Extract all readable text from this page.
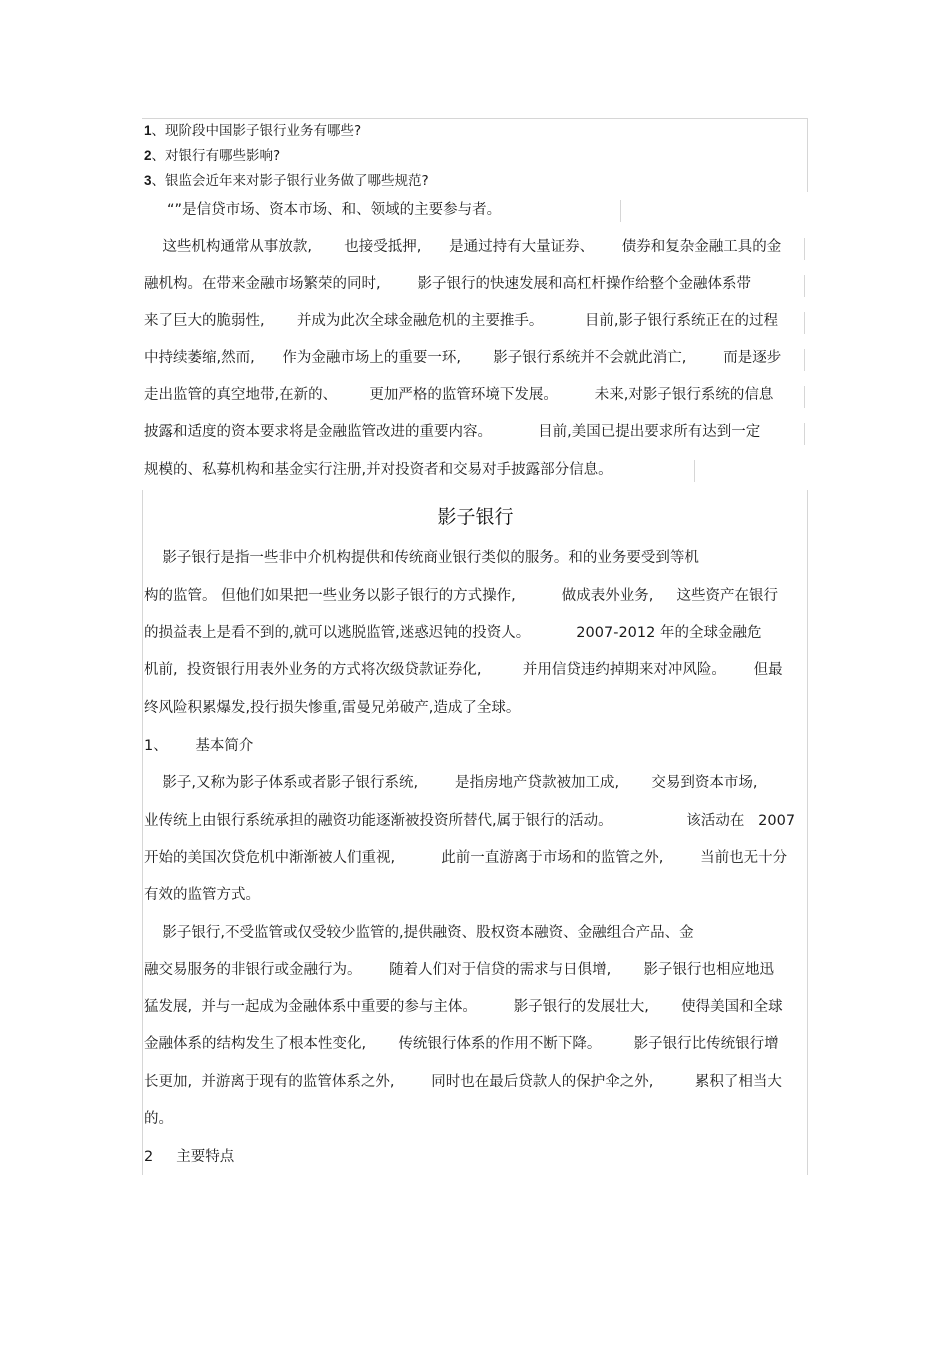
1、现阶段中国影子银行业务有哪些?
2、对银行有哪些影响?
3、银监会近年来对影子银行业务做了哪些规范?
“”是信贷市场、资本市场、和、领域的主要参与者。
这些机构通常从事放款,       也接受抵押,      是通过持有大量证券、      债券和复杂金融工具的金
融机构。在带来金融市场繁荣的同时,        影子银行的快速发展和高杠杆操作给整个金融体系带
来了巨大的脆弱性,       并成为此次全球金融危机的主要推手。         目前,影子银行系统正在的过程
中持续萎缩,然而,      作为金融市场上的重要一环,       影子银行系统并不会就此消亡,        而是逐步
走出监管的真空地带,在新的、       更加严格的监管环境下发展。        未来,对影子银行系统的信息
披露和适度的资本要求将是金融监管改进的重要内容。          目前,美国已提出要求所有达到一定
规模的、私募机构和基金实行注册,并对投资者和交易对手披露部分信息。
影子银行
影子银行是指一些非中介机构提供和传统商业银行类似的服务。和的业务要受到等机
构的监管。 但他们如果把一些业务以影子银行的方式操作,          做成表外业务,     这些资产在银行
的损益表上是看不到的,就可以逃脱监管,迷惑迟钝的投资人。          2007-2012 年的全球金融危
机前,  投资银行用表外业务的方式将次级贷款证券化,         并用信贷违约掉期来对冲风险。      但最
终风险积累爆发,投行损失惨重,雷曼兄弟破产,造成了全球。
1、      基本简介
影子,又称为影子体系或者影子银行系统,        是指房地产贷款被加工成,       交易到资本市场,
业传统上由银行系统承担的融资功能逐渐被投资所替代,属于银行的活动。                该活动在   2007
开始的美国次贷危机中渐渐被人们重视,          此前一直游离于市场和的监管之外,        当前也无十分
有效的监管方式。
影子银行,不受监管或仅受较少监管的,提供融资、股权资本融资、金融组合产品、金
融交易服务的非银行或金融行为。      随着人们对于信贷的需求与日俱增,       影子银行也相应地迅
猛发展,  并与一起成为金融体系中重要的参与主体。        影子银行的发展壮大,       使得美国和全球
金融体系的结构发生了根本性变化,       传统银行体系的作用不断下降。       影子银行比传统银行增
长更加,  并游离于现有的监管体系之外,        同时也在最后贷款人的保护伞之外,         累积了相当大
的。
2     主要特点
